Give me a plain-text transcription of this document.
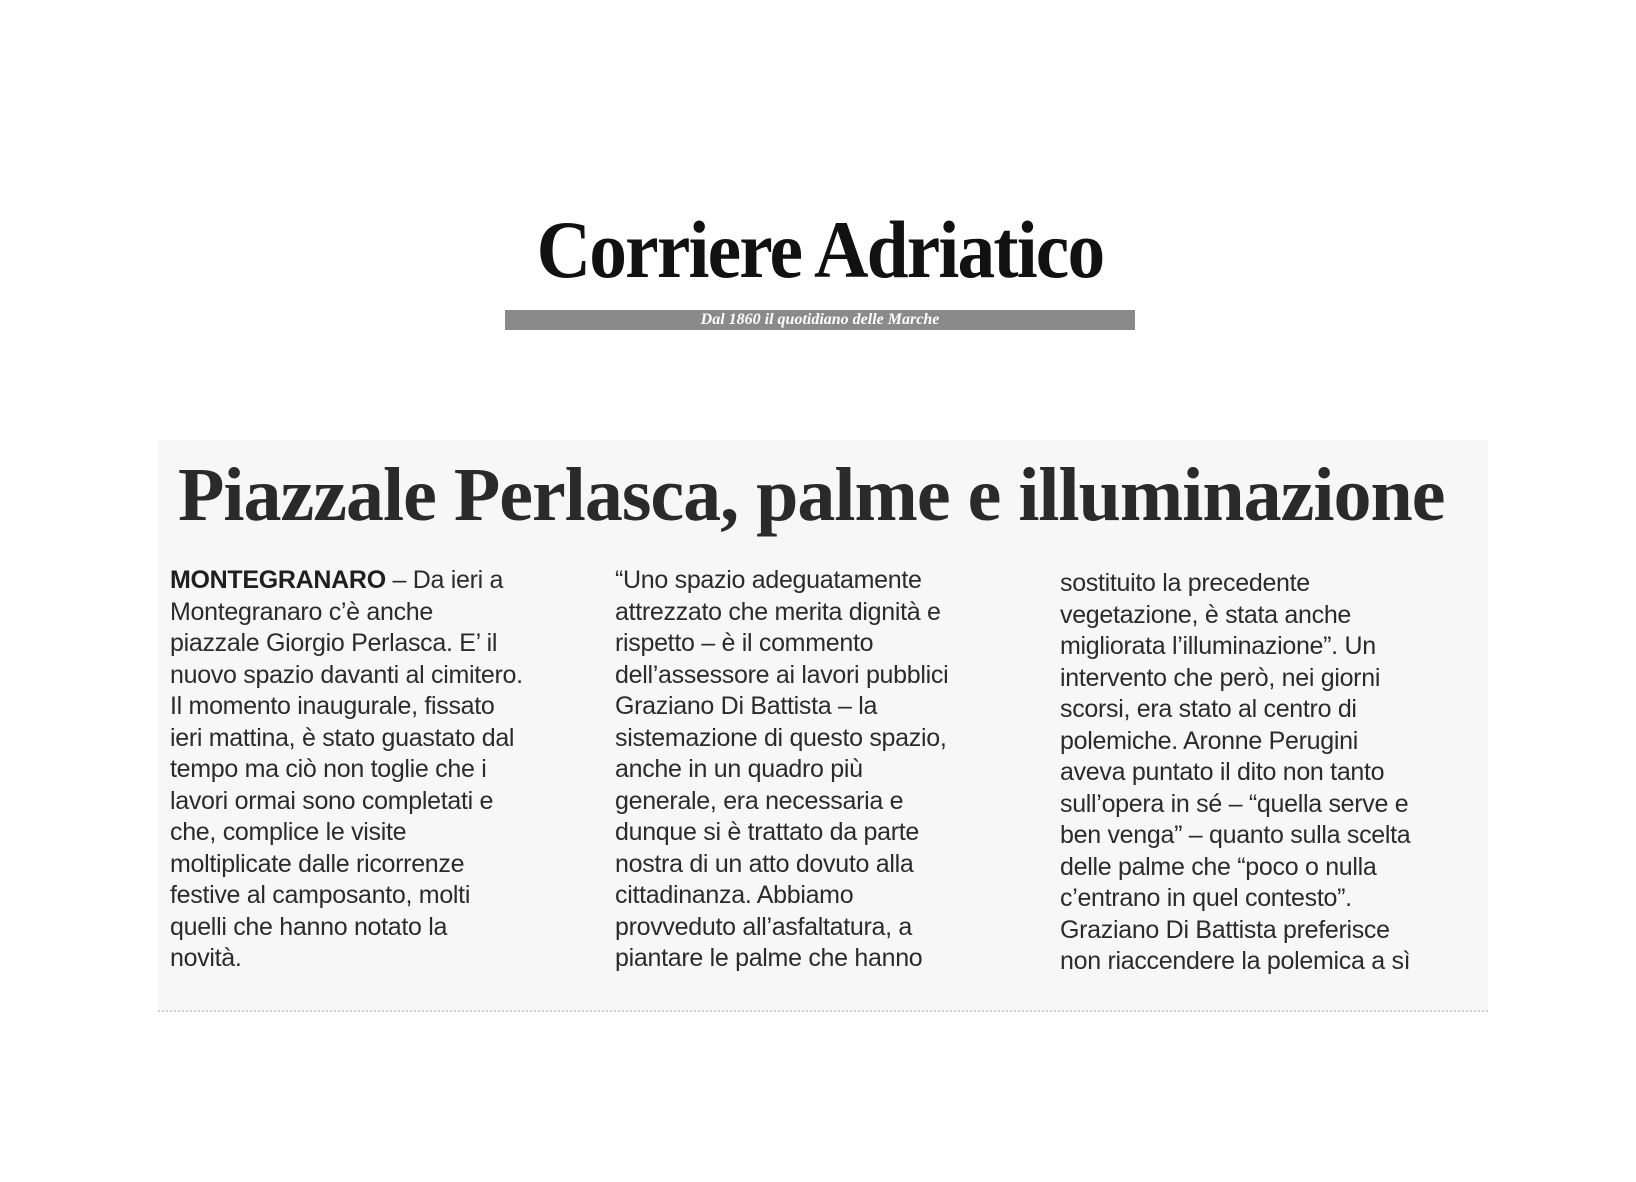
Corriere Adriatico
Dal 1860 il quotidiano delle Marche
Piazzale Perlasca, palme e illuminazione
MONTEGRANARO – Da ieri a
Montegranaro c’è anche
piazzale Giorgio Perlasca. E’ il
nuovo spazio davanti al cimitero.
Il momento inaugurale, fissato
ieri mattina, è stato guastato dal
tempo ma ciò non toglie che i
lavori ormai sono completati e
che, complice le visite
moltiplicate dalle ricorrenze
festive al camposanto, molti
quelli che hanno notato la
novità.
“Uno spazio adeguatamente
attrezzato che merita dignità e
rispetto – è il commento
dell’assessore ai lavori pubblici
Graziano Di Battista – la
sistemazione di questo spazio,
anche in un quadro più
generale, era necessaria e
dunque si è trattato da parte
nostra di un atto dovuto alla
cittadinanza. Abbiamo
provveduto all’asfaltatura, a
piantare le palme che hanno
sostituito la precedente
vegetazione, è stata anche
migliorata l’illuminazione”. Un
intervento che però, nei giorni
scorsi, era stato al centro di
polemiche. Aronne Perugini
aveva puntato il dito non tanto
sull’opera in sé – “quella serve e
ben venga” – quanto sulla scelta
delle palme che “poco o nulla
c’entrano in quel contesto”.
Graziano Di Battista preferisce
non riaccendere la polemica a sì
